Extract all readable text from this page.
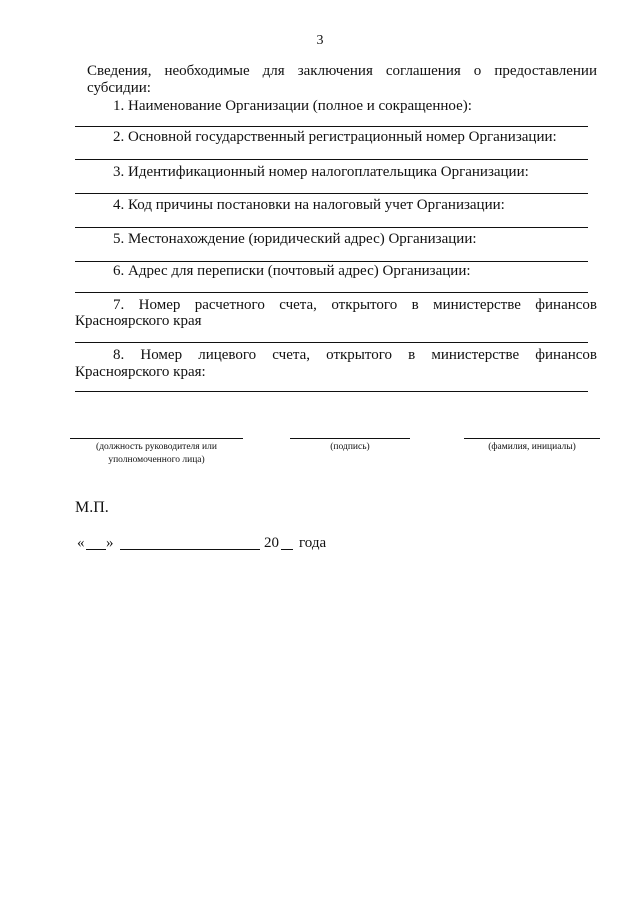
3
Сведения, необходимые для заключения соглашения о предоставлении
субсидии:
1. Наименование Организации (полное и сокращенное):
2. Основной государственный регистрационный номер Организации:
3. Идентификационный номер налогоплательщика Организации:
4. Код причины постановки на налоговый учет Организации:
5. Местонахождение (юридический адрес) Организации:
6. Адрес для переписки (почтовый адрес) Организации:
7. Номер расчетного счета, открытого в министерстве финансов
Красноярского края
8. Номер лицевого счета, открытого в министерстве финансов
Красноярского края:
(должность руководителя или
уполномоченного лица)
(подпись)	(фамилия, инициалы)
М.П.
« »	20 года
